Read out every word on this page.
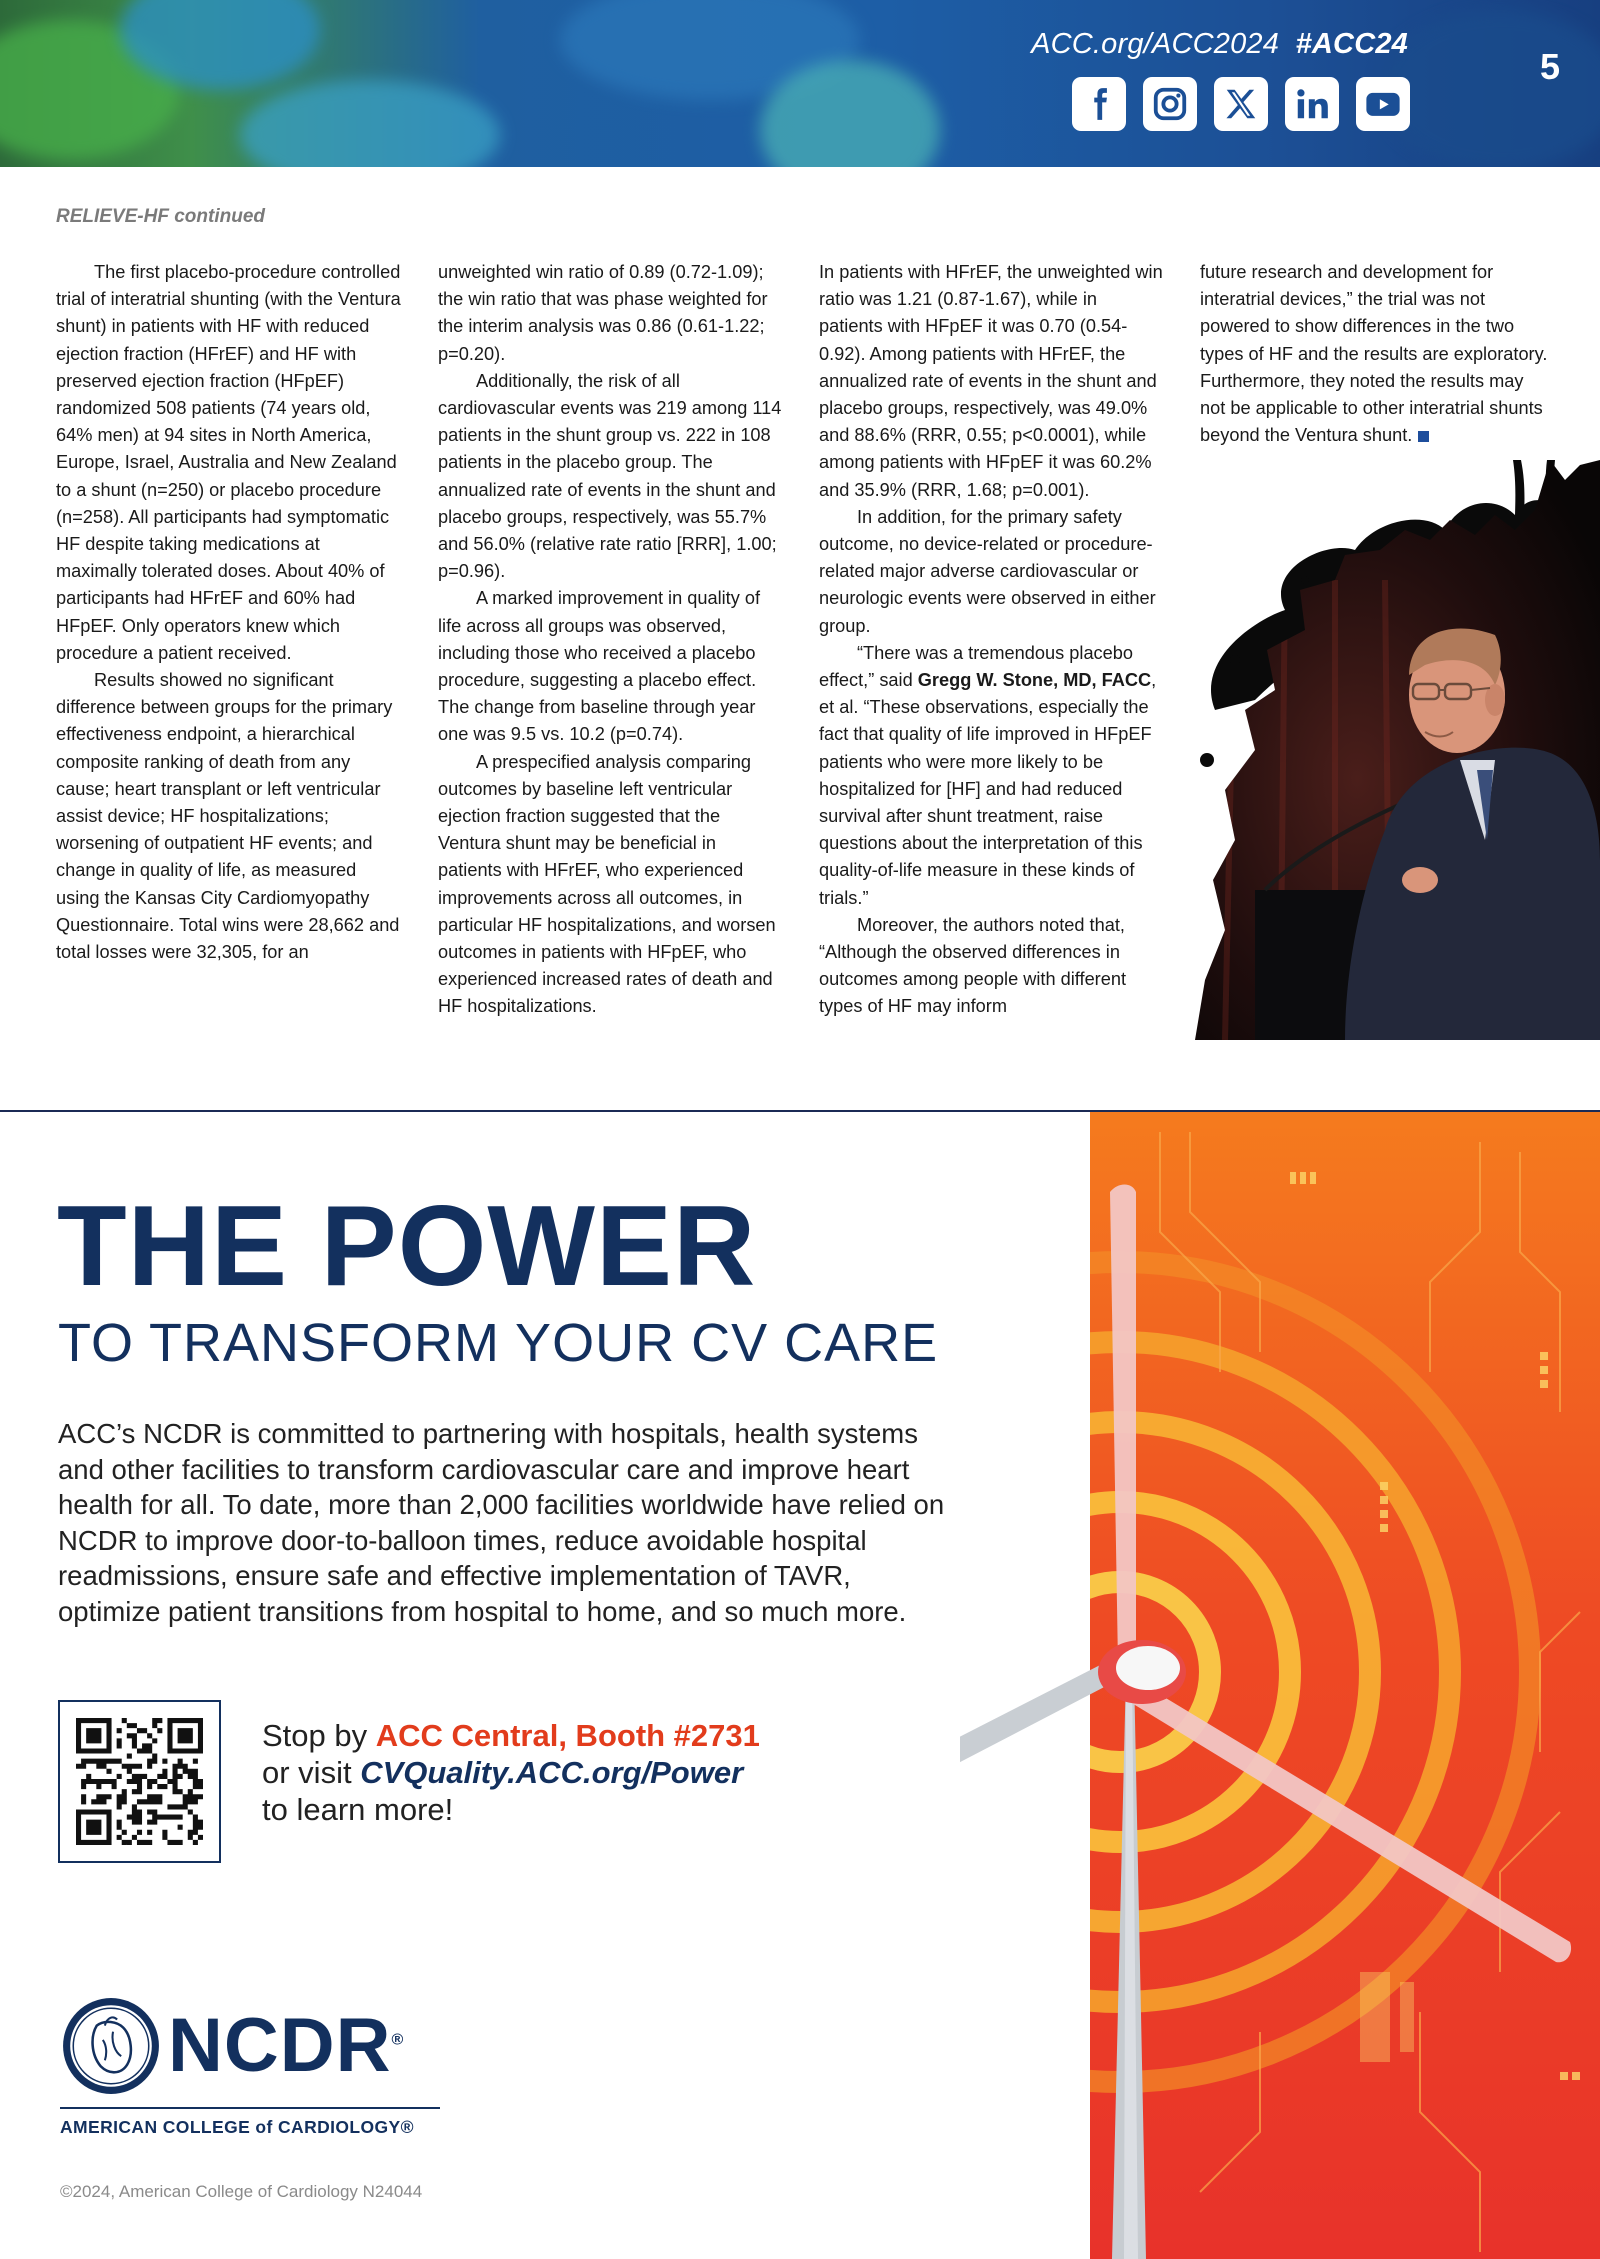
ACC.org/ACC2024 #ACC24
5
RELIEVE-HF continued

The first placebo-procedure controlled trial of interatrial shunting (with the Ventura shunt) in patients with HF with reduced ejection fraction (HFrEF) and HF with preserved ejection fraction (HFpEF) randomized 508 patients (74 years old, 64% men) at 94 sites in North America, Europe, Israel, Australia and New Zealand to a shunt (n=250) or placebo procedure (n=258). All participants had symptomatic HF despite taking medications at maximally tolerated doses. About 40% of participants had HFrEF and 60% had HFpEF. Only operators knew which procedure a patient received.

Results showed no significant difference between groups for the primary effectiveness endpoint, a hierarchical composite ranking of death from any cause; heart transplant or left ventricular assist device; HF hospitalizations; worsening of outpatient HF events; and change in quality of life, as measured using the Kansas City Cardiomyopathy Questionnaire. Total wins were 28,662 and total losses were 32,305, for an

unweighted win ratio of 0.89 (0.72-1.09); the win ratio that was phase weighted for the interim analysis was 0.86 (0.61-1.22; p=0.20).

Additionally, the risk of all cardiovascular events was 219 among 114 patients in the shunt group vs. 222 in 108 patients in the placebo group. The annualized rate of events in the shunt and placebo groups, respectively, was 55.7% and 56.0% (relative rate ratio [RRR], 1.00; p=0.96).

A marked improvement in quality of life across all groups was observed, including those who received a placebo procedure, suggesting a placebo effect. The change from baseline through year one was 9.5 vs. 10.2 (p=0.74).

A prespecified analysis comparing outcomes by baseline left ventricular ejection fraction suggested that the Ventura shunt may be beneficial in patients with HFrEF, who experienced improvements across all outcomes, in particular HF hospitalizations, and worsen outcomes in patients with HFpEF, who experienced increased rates of death and HF hospitalizations.

In patients with HFrEF, the unweighted win ratio was 1.21 (0.87-1.67), while in patients with HFpEF it was 0.70 (0.54-0.92). Among patients with HFrEF, the annualized rate of events in the shunt and placebo groups, respectively, was 49.0% and 88.6% (RRR, 0.55; p<0.0001), while among patients with HFpEF it was 60.2% and 35.9% (RRR, 1.68; p=0.001).

In addition, for the primary safety outcome, no device-related or procedure-related major adverse cardiovascular or neurologic events were observed in either group.

“There was a tremendous placebo effect,” said Gregg W. Stone, MD, FACC, et al. “These observations, especially the fact that quality of life improved in HFpEF patients who were more likely to be hospitalized for [HF] and had reduced survival after shunt treatment, raise questions about the interpretation of this quality-of-life measure in these kinds of trials.”

Moreover, the authors noted that, “Although the observed differences in outcomes among people with different types of HF may inform

future research and development for interatrial devices,” the trial was not powered to show differences in the two types of HF and the results are exploratory. Furthermore, they noted the results may not be applicable to other interatrial shunts beyond the Ventura shunt.

THE POWER
TO TRANSFORM YOUR CV CARE
ACC’s NCDR is committed to partnering with hospitals, health systems and other facilities to transform cardiovascular care and improve heart health for all. To date, more than 2,000 facilities worldwide have relied on NCDR to improve door-to-balloon times, reduce avoidable hospital readmissions, ensure safe and effective implementation of TAVR, optimize patient transitions from hospital to home, and so much more.
Stop by ACC Central, Booth #2731
or visit CVQuality.ACC.org/Power
to learn more!
NCDR®
AMERICAN COLLEGE of CARDIOLOGY®
©2024, American College of Cardiology N24044
